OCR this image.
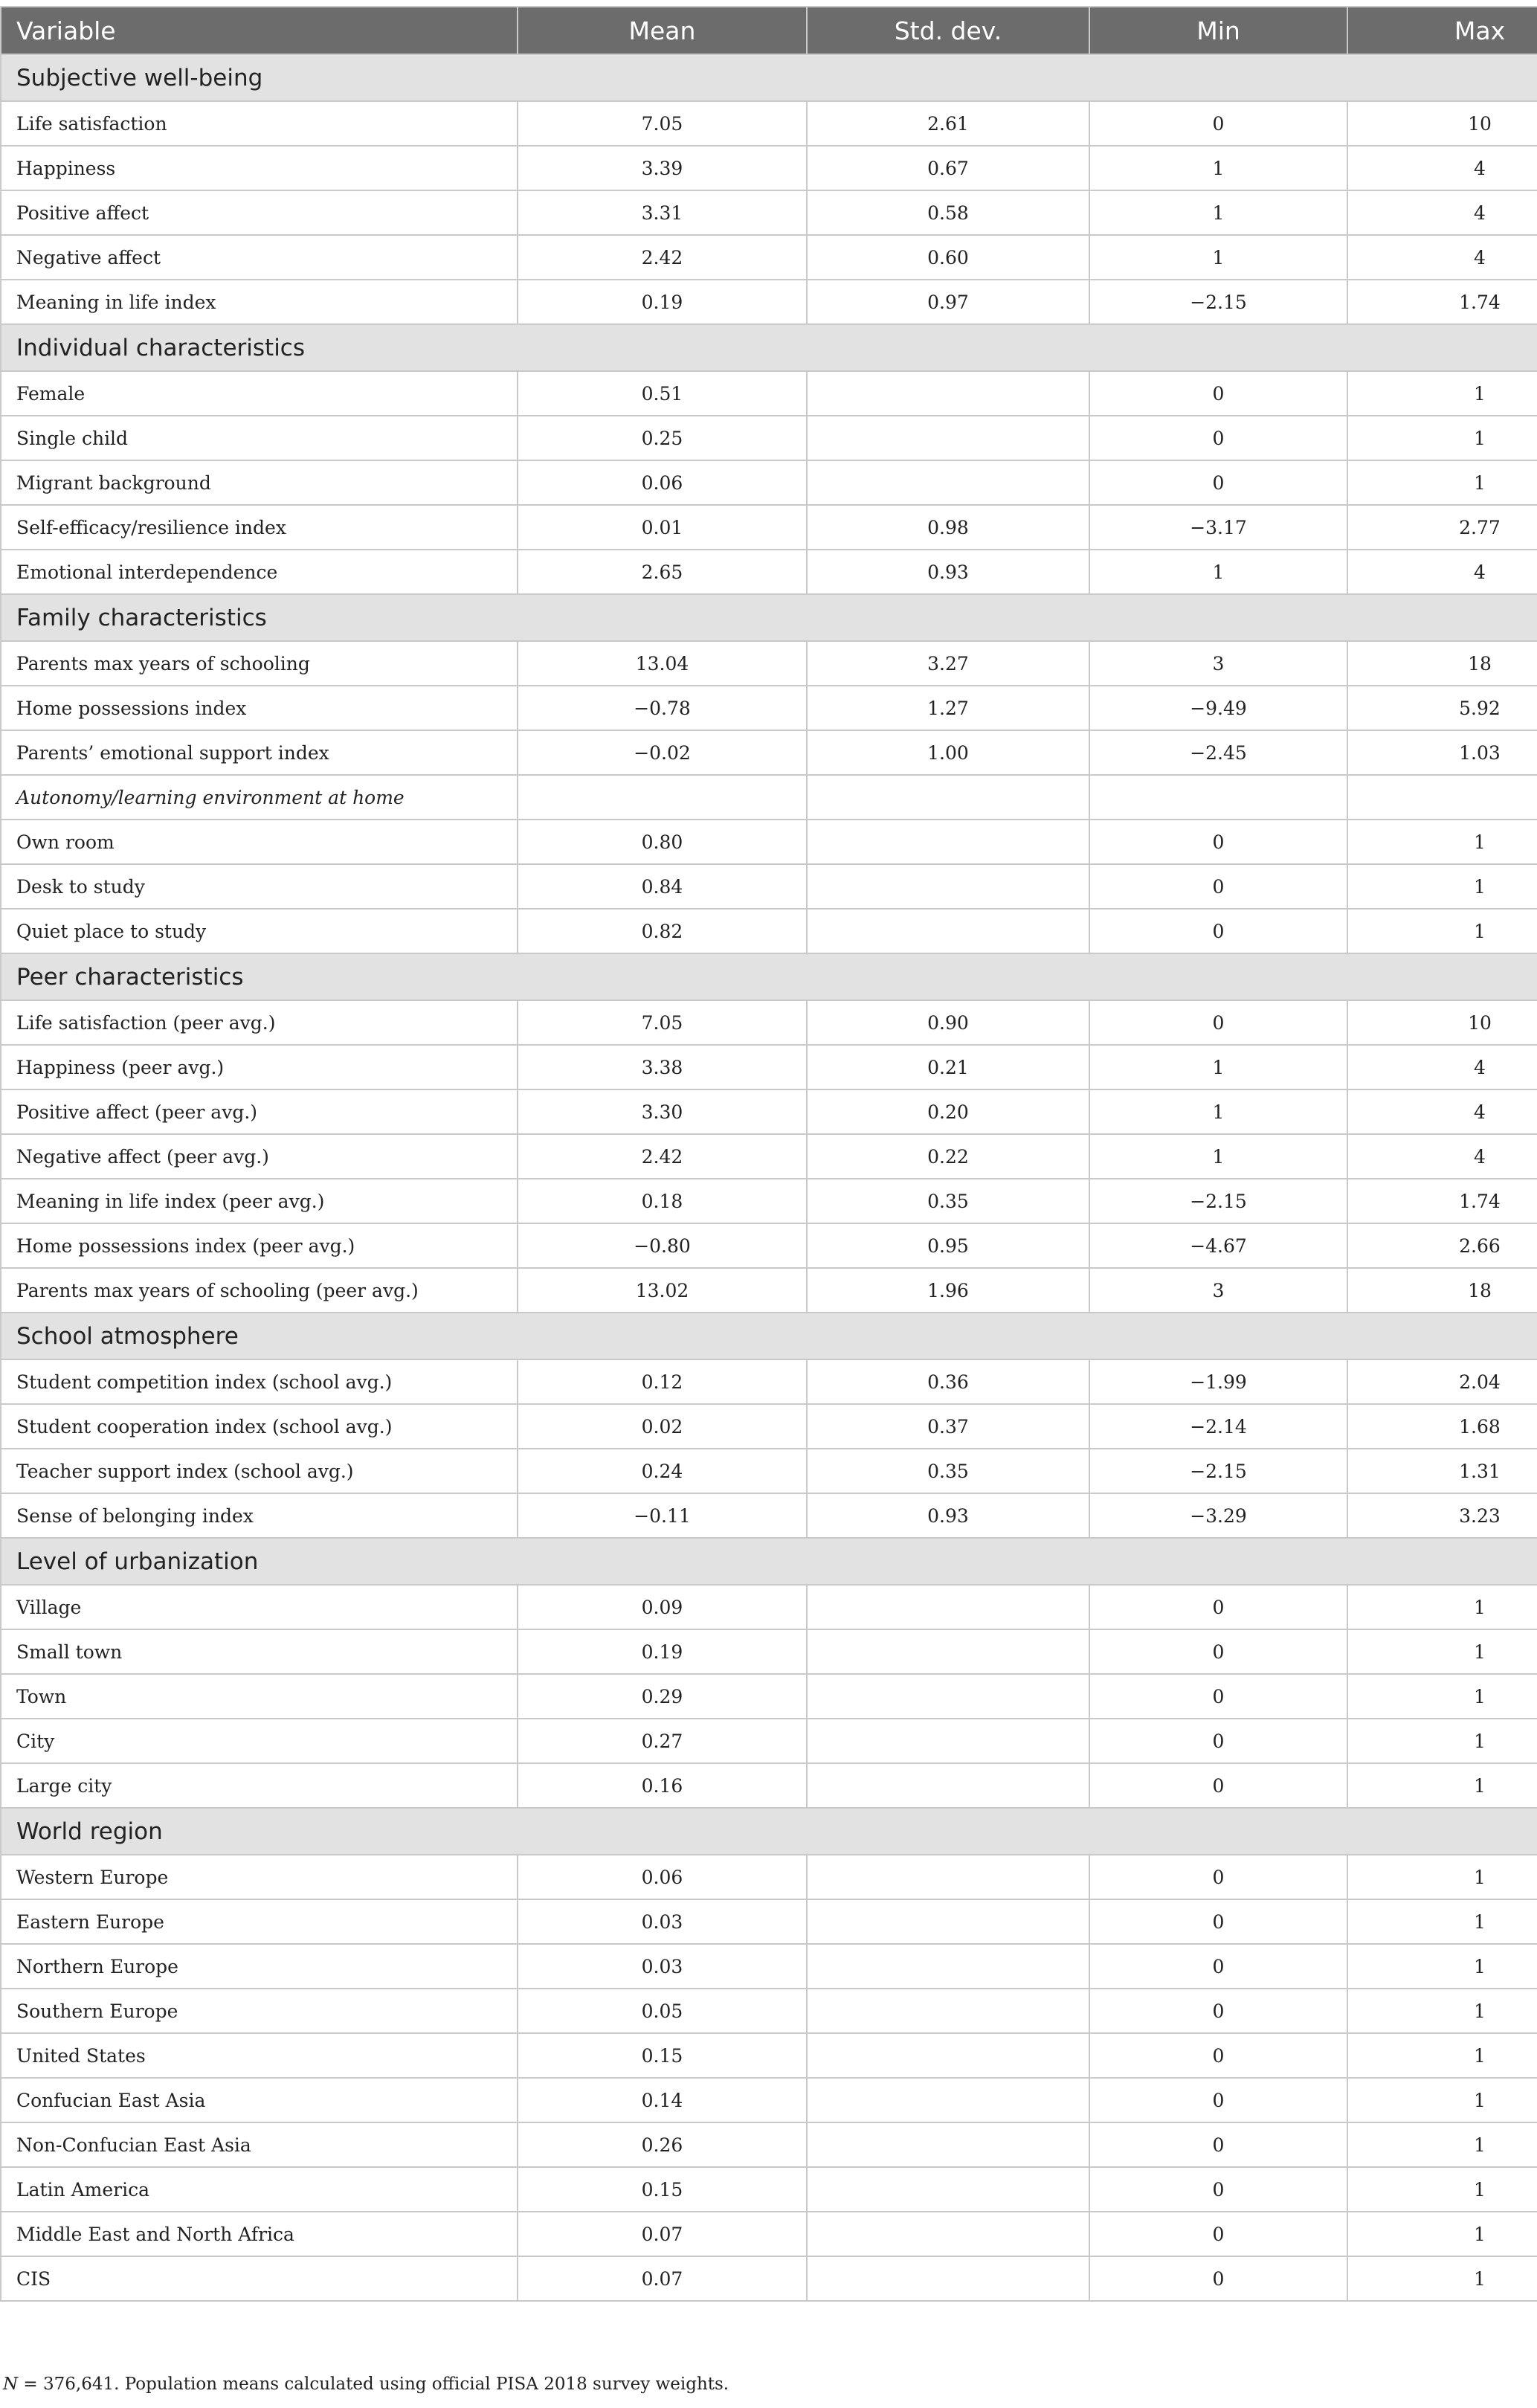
Variable	Mean	Std. dev.	Min	Max
Subjective well-being				
Life satisfaction	7.05	2.61	0	10
Happiness	3.39	0.67	1	4
Positive affect	3.31	0.58	1	4
Negative affect	2.42	0.60	1	4
Meaning in life index	0.19	0.97	−2.15	1.74
Individual characteristics				
Female	0.51		0	1
Single child	0.25		0	1
Migrant background	0.06		0	1
Self-efficacy/resilience index	0.01	0.98	−3.17	2.77
Emotional interdependence	2.65	0.93	1	4
Family characteristics				
Parents max years of schooling	13.04	3.27	3	18
Home possessions index	−0.78	1.27	−9.49	5.92
Parents’ emotional support index	−0.02	1.00	−2.45	1.03
Autonomy/learning environment at home				
Own room	0.80		0	1
Desk to study	0.84		0	1
Quiet place to study	0.82		0	1
Peer characteristics				
Life satisfaction (peer avg.)	7.05	0.90	0	10
Happiness (peer avg.)	3.38	0.21	1	4
Positive affect (peer avg.)	3.30	0.20	1	4
Negative affect (peer avg.)	2.42	0.22	1	4
Meaning in life index (peer avg.)	0.18	0.35	−2.15	1.74
Home possessions index (peer avg.)	−0.80	0.95	−4.67	2.66
Parents max years of schooling (peer avg.)	13.02	1.96	3	18
School atmosphere				
Student competition index (school avg.)	0.12	0.36	−1.99	2.04
Student cooperation index (school avg.)	0.02	0.37	−2.14	1.68
Teacher support index (school avg.)	0.24	0.35	−2.15	1.31
Sense of belonging index	−0.11	0.93	−3.29	3.23
Level of urbanization				
Village	0.09		0	1
Small town	0.19		0	1
Town	0.29		0	1
City	0.27		0	1
Large city	0.16		0	1
World region				
Western Europe	0.06		0	1
Eastern Europe	0.03		0	1
Northern Europe	0.03		0	1
Southern Europe	0.05		0	1
United States	0.15		0	1
Confucian East Asia	0.14		0	1
Non-Confucian East Asia	0.26		0	1
Latin America	0.15		0	1
Middle East and North Africa	0.07		0	1
CIS	0.07		0	1
N = 376,641. Population means calculated using official PISA 2018 survey weights.
